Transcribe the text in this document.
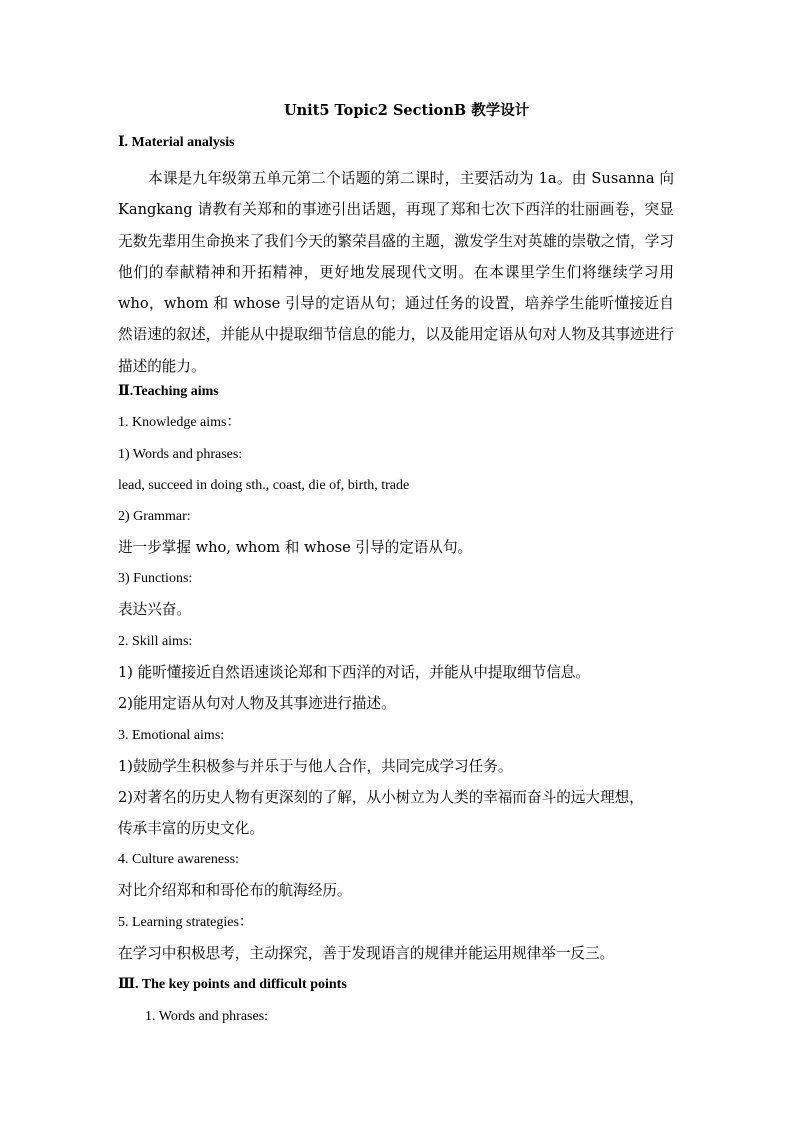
Unit5 Topic2 SectionB 教学设计
Ⅰ. Material analysis
本课是九年级第五单元第二个话题的第二课时，主要活动为 1a。由 Susanna 向 Kangkang 请教有关郑和的事迹引出话题，再现了郑和七次下西洋的壮丽画卷，突显无数先辈用生命换来了我们今天的繁荣昌盛的主题，激发学生对英雄的崇敬之情，学习他们的奉献精神和开拓精神，更好地发展现代文明。在本课里学生们将继续学习用 who，whom 和 whose 引导的定语从句；通过任务的设置，培养学生能听懂接近自然语速的叙述，并能从中提取细节信息的能力，以及能用定语从句对人物及其事迹进行描述的能力。
Ⅱ.Teaching aims
1. Knowledge aims：
1) Words and phrases:
lead, succeed in doing sth., coast, die of, birth, trade
2) Grammar:
进一步掌握 who, whom 和 whose 引导的定语从句。
3) Functions:
表达兴奋。
2. Skill aims:
1) 能听懂接近自然语速谈论郑和下西洋的对话，并能从中提取细节信息。
2)能用定语从句对人物及其事迹进行描述。
3. Emotional aims:
1)鼓励学生积极参与并乐于与他人合作，共同完成学习任务。
2)对著名的历史人物有更深刻的了解，从小树立为人类的幸福而奋斗的远大理想，
传承丰富的历史文化。
4. Culture awareness:
对比介绍郑和和哥伦布的航海经历。
5. Learning strategies：
在学习中积极思考，主动探究，善于发现语言的规律并能运用规律举一反三。
Ⅲ. The key points and difficult points
1. Words and phrases:
